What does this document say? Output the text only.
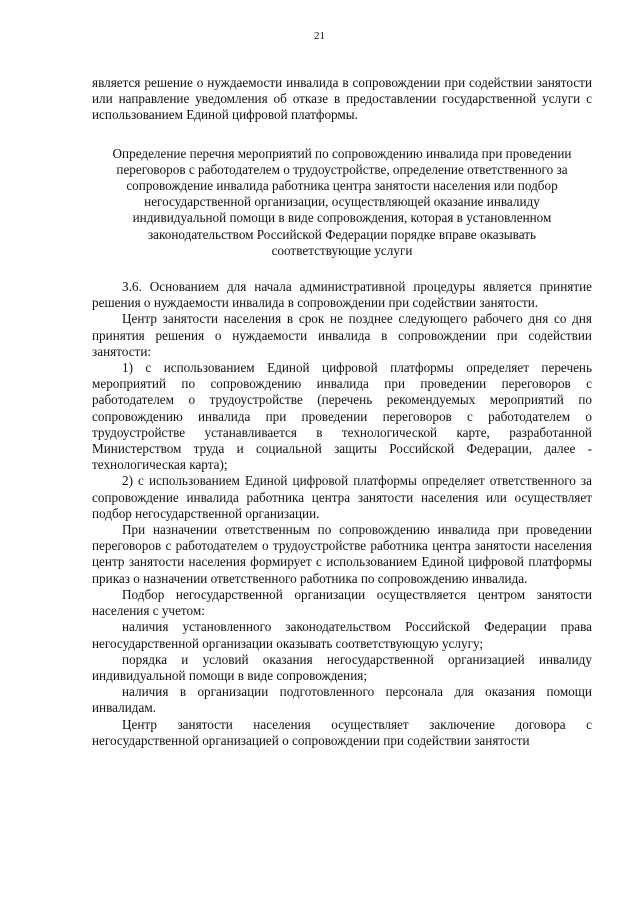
21

является решение о нуждаемости инвалида в сопровождении при содействии занятости или направление уведомления об отказе в предоставлении государственной услуги с использованием Единой цифровой платформы.

Определение перечня мероприятий по сопровождению инвалида при проведении переговоров с работодателем о трудоустройстве, определение ответственного за сопровождение инвалида работника центра занятости населения или подбор негосударственной организации, осуществляющей оказание инвалиду индивидуальной помощи в виде сопровождения, которая в установленном законодательством Российской Федерации порядке вправе оказывать соответствующие услуги

3.6. Основанием для начала административной процедуры является принятие решения о нуждаемости инвалида в сопровождении при содействии занятости.

Центр занятости населения в срок не позднее следующего рабочего дня со дня принятия решения о нуждаемости инвалида в сопровождении при содействии занятости:

1) с использованием Единой цифровой платформы определяет перечень мероприятий по сопровождению инвалида при проведении переговоров с работодателем о трудоустройстве (перечень рекомендуемых мероприятий по сопровождению инвалида при проведении переговоров с работодателем о трудоустройстве устанавливается в технологической карте, разработанной Министерством труда и социальной защиты Российской Федерации, далее - технологическая карта);

2) с использованием Единой цифровой платформы определяет ответственного за сопровождение инвалида работника центра занятости населения или осуществляет подбор негосударственной организации.

При назначении ответственным по сопровождению инвалида при проведении переговоров с работодателем о трудоустройстве работника центра занятости населения центр занятости населения формирует с использованием Единой цифровой платформы приказ о назначении ответственного работника по сопровождению инвалида.

Подбор негосударственной организации осуществляется центром занятости населения с учетом:

наличия установленного законодательством Российской Федерации права негосударственной организации оказывать соответствующую услугу;

порядка и условий оказания негосударственной организацией инвалиду индивидуальной помощи в виде сопровождения;

наличия в организации подготовленного персонала для оказания помощи инвалидам.

Центр занятости населения осуществляет заключение договора с негосударственной организацией о сопровождении при содействии занятости
